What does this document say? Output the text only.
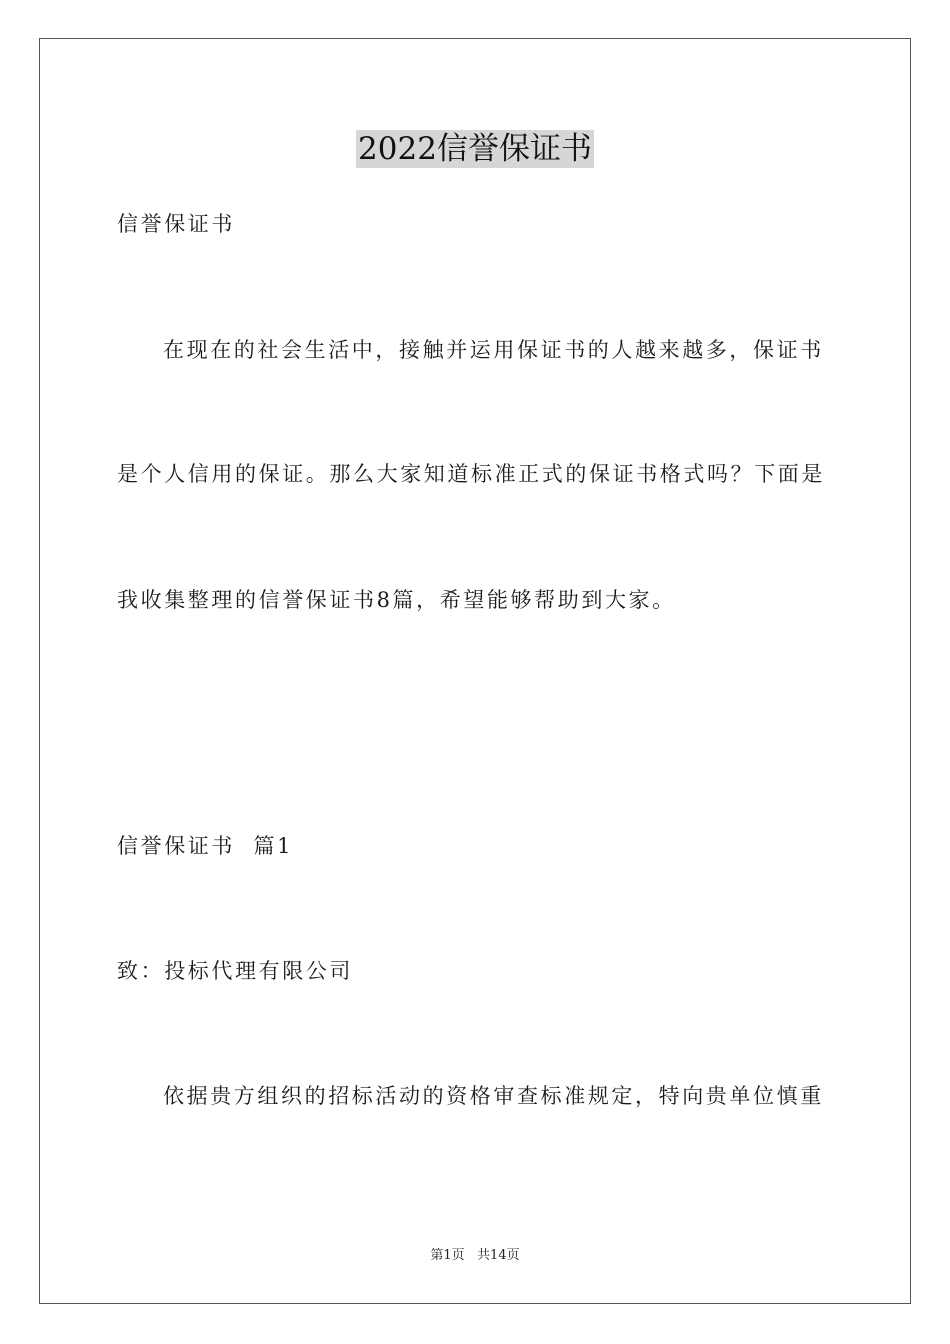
2022信誉保证书
信誉保证书
在现在的社会生活中，接触并运用保证书的人越来越多，保证书
是个人信用的保证。那么大家知道标准正式的保证书格式吗？下面是
我收集整理的信誉保证书8篇，希望能够帮助到大家。
信誉保证书  篇1
致：投标代理有限公司
依据贵方组织的招标活动的资格审查标准规定，特向贵单位慎重
第1页   共14页
